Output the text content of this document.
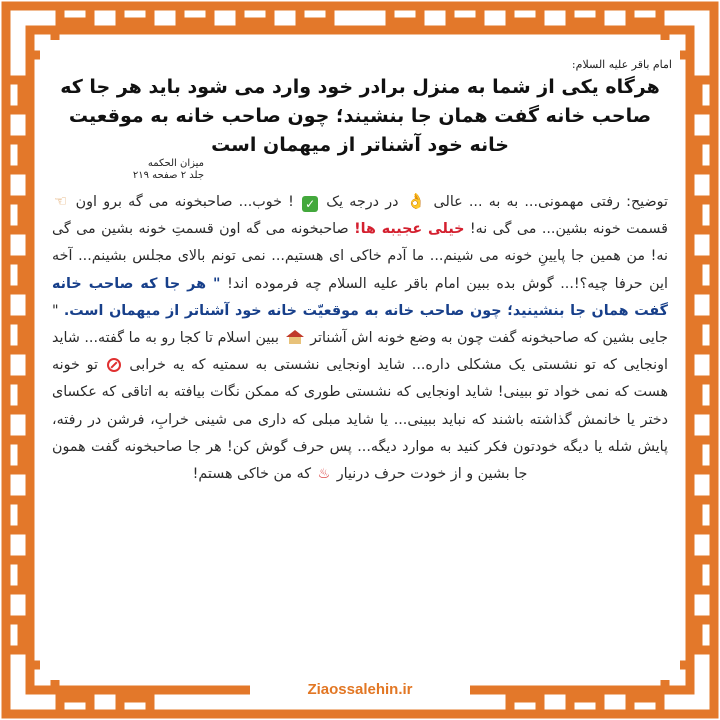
امام باقر علیه السلام:
هرگاه یکی از شما به منزل برادر خود وارد می شود باید هر جا که صاحب خانه گفت همان جا بنشیند؛ چون صاحب خانه به موقعیت خانه خود آشناتر از میهمان است
میزان الحکمه
جلد ۲ صفحه ۲۱۹
توضیح: رفتی مهمونی... به به ... عالی 👌 در درجه یک ✓ ! خوب... صاحبخونه می گه برو اون ☜ قسمت خونه بشین... می گی نه! خیلی عجیبه ها! صاحبخونه می گه اون قسمتِ خونه بشین می گی نه! من همین جا پایینِ خونه می شینم... ما آدم خاکی ای هستیم... نمی تونم بالای مجلس بشینم... آخه این حرفا چیه؟!... گوش بده ببین امام باقر علیه السلام چه فرموده اند! " هر جا که صاحب خانه گفت همان جا بنشینید؛ چون صاحب خانه به موقعیّت خانه خود آشناتر از میهمان است. " جایی بشین که صاحبخونه گفت چون به وضع خونه اش آشناتر  ببین اسلام تا کجا رو به ما گفته... شاید اونجایی که تو نشستی یک مشکلی داره... شاید اونجایی نشستی به سمتیه که یه خرابی  تو خونه هست که نمی خواد تو ببینی! شاید اونجایی که نشستی طوری که ممکن نگات بیافته به اتاقی که عکسای دختر یا خانمش گذاشته باشند که نباید ببینی... یا شاید مبلی که داری می شینی خرابِ، فرشن در رفته، پایش شله یا دیگه خودتون فکر کنید به موارد دیگه... پس حرف گوش کن! هر جا صاحبخونه گفت همون جا بشین و از خودت حرف درنیار ♨ که من خاکی هستم!
Ziaossalehin.ir
